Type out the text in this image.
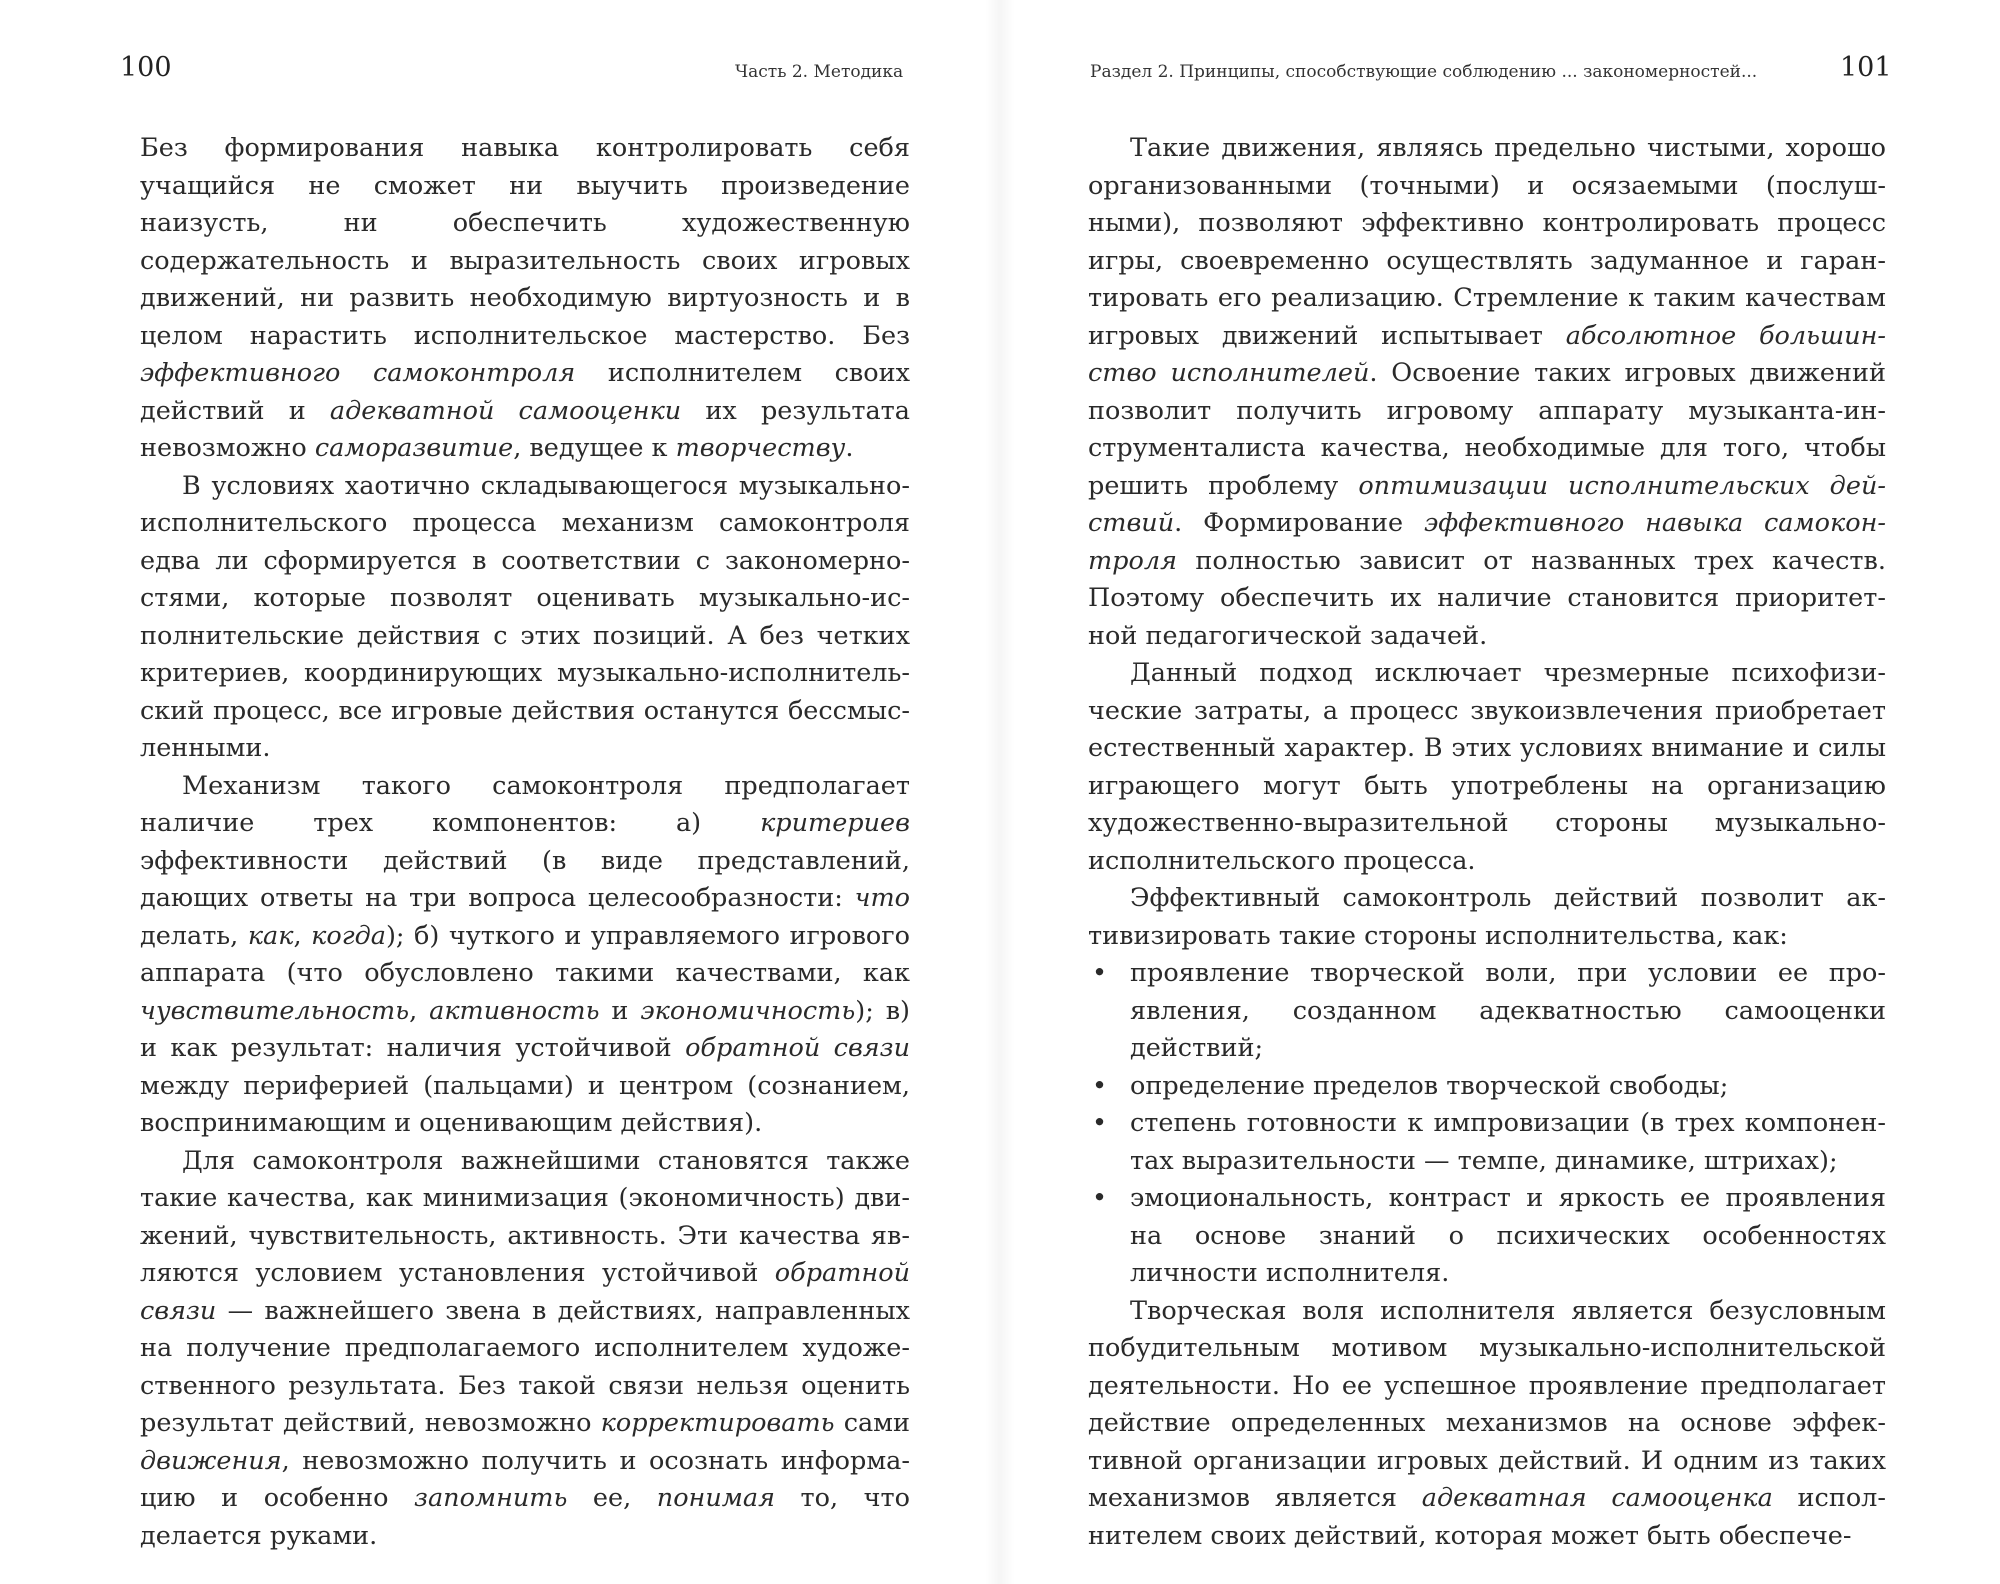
100	Часть 2. Методика

Без формирования навыка контролировать себя учащийся не сможет ни выучить произведение наизусть, ни обеспечить художественную содержательность и выразительность своих игровых движений, ни развить необходимую виртуозность и в целом нарастить исполнительское мастерство. Без эффективного самоконтроля исполнителем своих действий и адекватной самооценки их результата невозможно саморазвитие, ведущее к творчеству.

В условиях хаотично складывающегося музыкально-исполнительского процесса механизм самоконтроля едва ли сформируется в соответствии с закономерностями, которые позволят оценивать музыкально-исполнительские действия с этих позиций. А без четких критериев, координирующих музыкально-исполнительский процесс, все игровые действия останутся бессмысленными.

Механизм такого самоконтроля предполагает наличие трех компонентов: а) критериев эффективности действий (в виде представлений, дающих ответы на три вопроса целесообразности: что делать, как, когда); б) чуткого и управляемого игрового аппарата (что обусловлено такими качествами, как чувствительность, активность и экономичность); в) и как результат: наличия устойчивой обратной связи между периферией (пальцами) и центром (сознанием, воспринимающим и оценивающим действия).

Для самоконтроля важнейшими становятся также такие качества, как минимизация (экономичность) движений, чувствительность, активность. Эти качества являются условием установления устойчивой обратной связи — важнейшего звена в действиях, направленных на получение предполагаемого исполнителем художественного результата. Без такой связи нельзя оценить результат действий, невозможно корректировать сами движения, невозможно получить и осознать информацию и особенно запомнить ее, понимая то, что делается руками.

Раздел 2. Принципы, способствующие соблюдению ... закономерностей...	101

Такие движения, являясь предельно чистыми, хорошо организованными (точными) и осязаемыми (послушными), позволяют эффективно контролировать процесс игры, своевременно осуществлять задуманное и гарантировать его реализацию. Стремление к таким качествам игровых движений испытывает абсолютное большинство исполнителей. Освоение таких игровых движений позволит получить игровому аппарату музыканта-инструменталиста качества, необходимые для того, чтобы решить проблему оптимизации исполнительских действий. Формирование эффективного навыка самоконтроля полностью зависит от названных трех качеств. Поэтому обеспечить их наличие становится приоритетной педагогической задачей.

Данный подход исключает чрезмерные психофизические затраты, а процесс звукоизвлечения приобретает естественный характер. В этих условиях внимание и силы играющего могут быть употреблены на организацию художественно-выразительной стороны музыкально-исполнительского процесса.

Эффективный самоконтроль действий позволит активизировать такие стороны исполнительства, как:

• проявление творческой воли, при условии ее проявления, созданном адекватностью самооценки действий;
• определение пределов творческой свободы;
• степень готовности к импровизации (в трех компонентах выразительности — темпе, динамике, штрихах);
• эмоциональность, контраст и яркость ее проявления на основе знаний о психических особенностях личности исполнителя.

Творческая воля исполнителя является безусловным побудительным мотивом музыкально-исполнительской деятельности. Но ее успешное проявление предполагает действие определенных механизмов на основе эффективной организации игровых действий. И одним из таких механизмов является адекватная самооценка исполнителем своих действий, которая может быть обеспече-
